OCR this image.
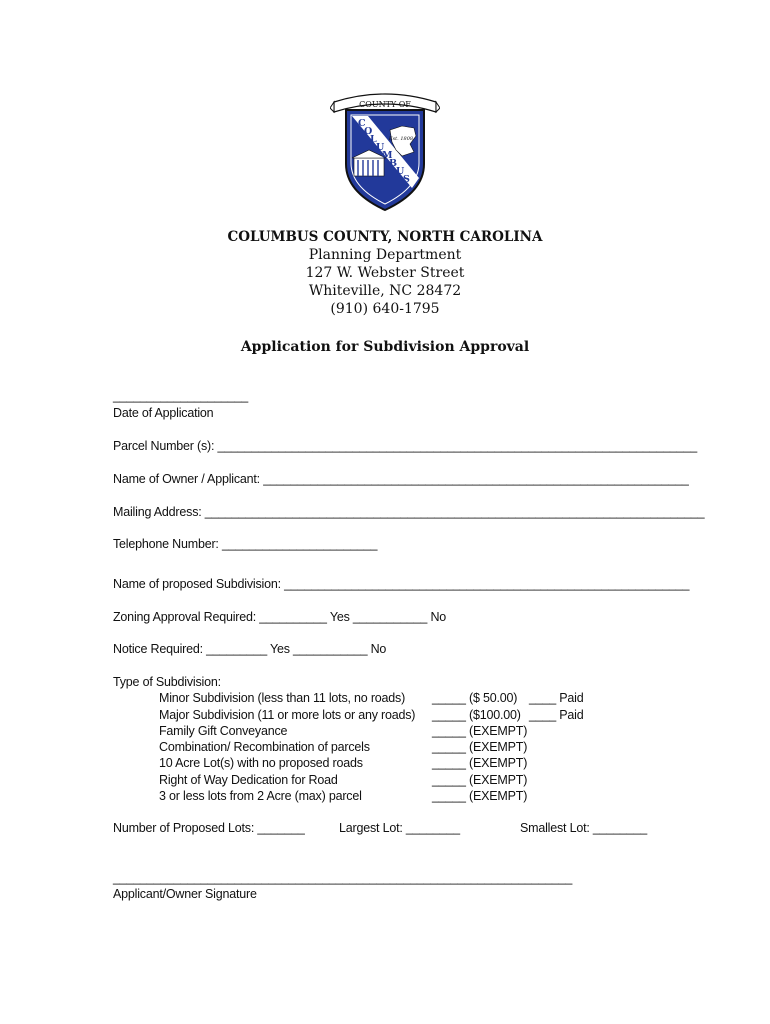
COUNTY OF
C
O
L
U
M
B
U
S
Est. 1808
COLUMBUS COUNTY, NORTH CAROLINA
Planning Department
127 W. Webster Street
Whiteville, NC 28472
(910) 640-1795
Application for Subdivision Approval
____________________
Date of Application
Parcel Number (s): _______________________________________________________________________
Name of Owner / Applicant: _______________________________________________________________
Mailing Address: __________________________________________________________________________
Telephone Number: _______________________
Name of proposed Subdivision: ____________________________________________________________
Zoning Approval Required: __________ Yes ___________ No
Notice Required: _________ Yes ___________ No
Type of Subdivision:
Minor Subdivision (less than 11 lots, no roads) _____ ($ 50.00) ____ Paid
Major Subdivision (11 or more lots or any roads) _____ ($100.00) ____ Paid
Family Gift Conveyance	_____ (EXEMPT)
Combination/ Recombination of parcels	_____ (EXEMPT)
10 Acre Lot(s) with no proposed roads	_____ (EXEMPT)
Right of Way Dedication for Road	_____ (EXEMPT)
3 or less lots from 2 Acre (max) parcel	_____ (EXEMPT)
Number of Proposed Lots: _______	Largest Lot: ________	Smallest Lot: ________
____________________________________________________________________
Applicant/Owner Signature
